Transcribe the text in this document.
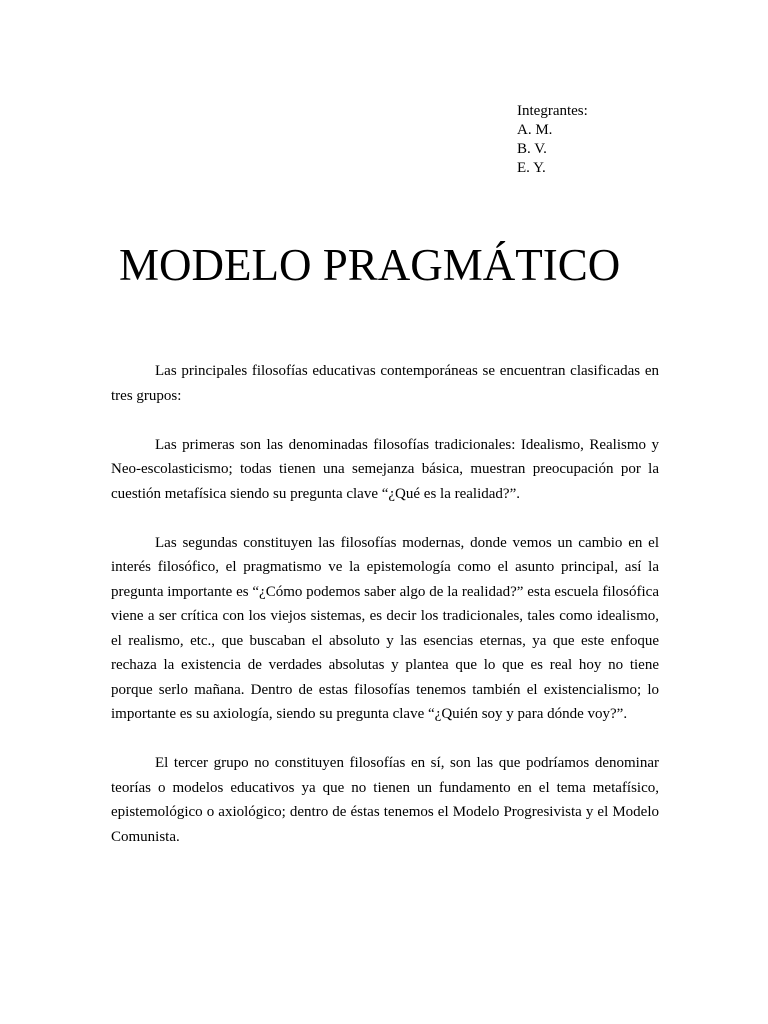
Integrantes:
A. M.
B. V.
E. Y.
MODELO PRAGMÁTICO

Las principales filosofías educativas contemporáneas se encuentran clasificadas en tres grupos:

Las primeras son las denominadas filosofías tradicionales: Idealismo, Realismo y Neo-escolasticismo; todas tienen una semejanza básica, muestran preocupación por la cuestión metafísica siendo su pregunta clave “¿Qué es la realidad?”.

Las segundas constituyen las filosofías modernas, donde vemos un cambio en el interés filosófico, el pragmatismo ve la epistemología como el asunto principal, así la pregunta importante es “¿Cómo podemos saber algo de la realidad?” esta escuela filosófica viene a ser crítica con los viejos sistemas, es decir los tradicionales, tales como idealismo, el realismo, etc., que buscaban el absoluto y las esencias eternas, ya que este enfoque rechaza la existencia de verdades absolutas y plantea que lo que es real hoy no tiene porque serlo mañana. Dentro de estas filosofías tenemos también el existencialismo; lo importante es su axiología, siendo su pregunta clave “¿Quién soy y para dónde voy?”.

El tercer grupo no constituyen filosofías en sí, son las que podríamos denominar teorías o modelos educativos ya que no tienen un fundamento en el tema metafísico, epistemológico o axiológico; dentro de éstas tenemos el Modelo Progresivista y el Modelo Comunista.
